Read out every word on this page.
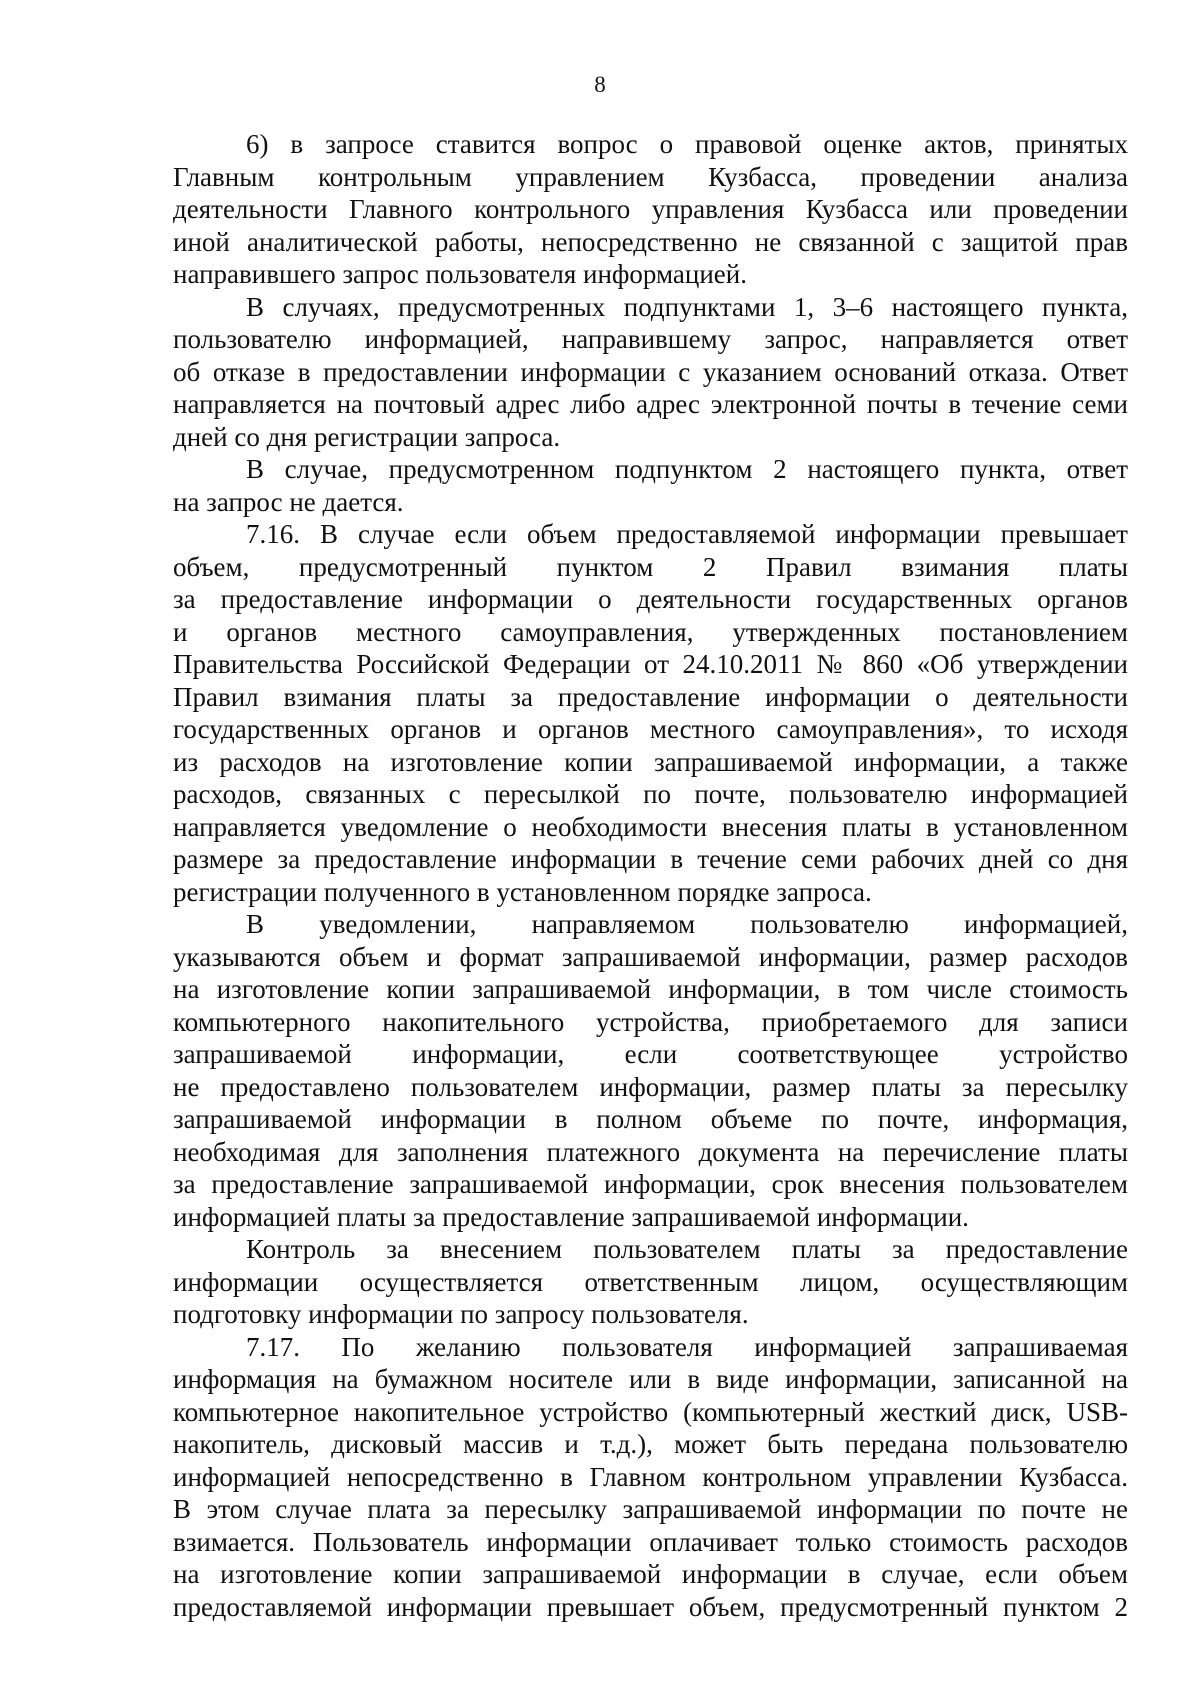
8
6) в запросе ставится вопрос о правовой оценке актов, принятых
Главным контрольным управлением Кузбасса, проведении анализа
деятельности Главного контрольного управления Кузбасса или проведении
иной аналитической работы, непосредственно не связанной с защитой прав
направившего запрос пользователя информацией.
В случаях, предусмотренных подпунктами 1, 3–6 настоящего пункта,
пользователю информацией, направившему запрос, направляется ответ
об отказе в предоставлении информации с указанием оснований отказа. Ответ
направляется на почтовый адрес либо адрес электронной почты в течение семи
дней со дня регистрации запроса.
В случае, предусмотренном подпунктом 2 настоящего пункта, ответ
на запрос не дается.
7.16. В случае если объем предоставляемой информации превышает
объем, предусмотренный пунктом 2 Правил взимания платы
за предоставление информации о деятельности государственных органов
и органов местного самоуправления, утвержденных постановлением
Правительства Российской Федерации от 24.10.2011 № 860 «Об утверждении
Правил взимания платы за предоставление информации о деятельности
государственных органов и органов местного самоуправления», то исходя
из расходов на изготовление копии запрашиваемой информации, а также
расходов, связанных с пересылкой по почте, пользователю информацией
направляется уведомление о необходимости внесения платы в установленном
размере за предоставление информации в течение семи рабочих дней со дня
регистрации полученного в установленном порядке запроса.
В уведомлении, направляемом пользователю информацией,
указываются объем и формат запрашиваемой информации, размер расходов
на изготовление копии запрашиваемой информации, в том числе стоимость
компьютерного накопительного устройства, приобретаемого для записи
запрашиваемой информации, если соответствующее устройство
не предоставлено пользователем информации, размер платы за пересылку
запрашиваемой информации в полном объеме по почте, информация,
необходимая для заполнения платежного документа на перечисление платы
за предоставление запрашиваемой информации, срок внесения пользователем
информацией платы за предоставление запрашиваемой информации.
Контроль за внесением пользователем платы за предоставление
информации осуществляется ответственным лицом, осуществляющим
подготовку информации по запросу пользователя.
7.17. По желанию пользователя информацией запрашиваемая
информация на бумажном носителе или в виде информации, записанной на
компьютерное накопительное устройство (компьютерный жесткий диск, USB-
накопитель, дисковый массив и т.д.), может быть передана пользователю
информацией непосредственно в Главном контрольном управлении Кузбасса.
В этом случае плата за пересылку запрашиваемой информации по почте не
взимается. Пользователь информации оплачивает только стоимость расходов
на изготовление копии запрашиваемой информации в случае, если объем
предоставляемой информации превышает объем, предусмотренный пунктом 2
